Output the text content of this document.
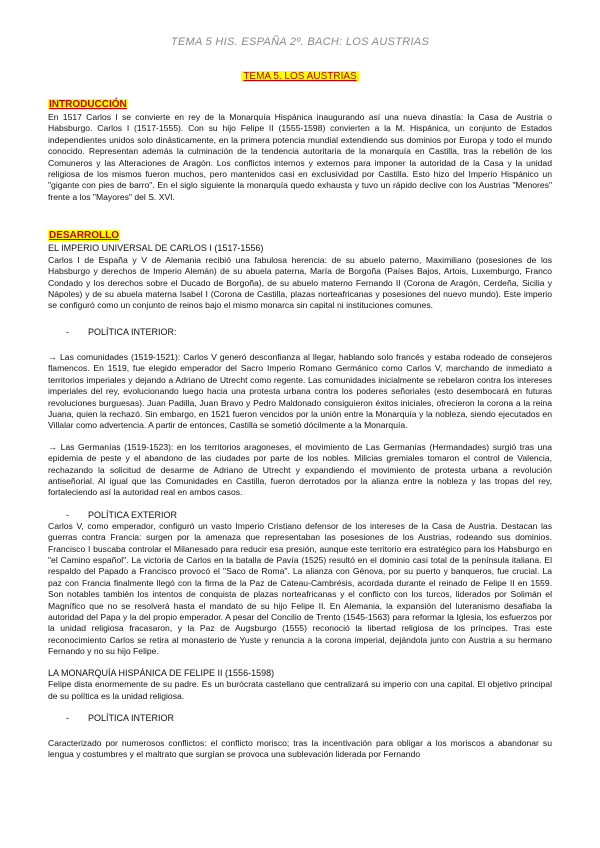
TEMA 5 HIS. ESPAÑA 2º. BACH: LOS AUSTRIAS
TEMA 5. LOS AUSTRIAS
INTRODUCCIÓN

En 1517 Carlos I se convierte en rey de la Monarquía Hispánica inaugurando así una nueva dinastía: la Casa de Austria o Habsburgo. Carlos I (1517-1555). Con su hijo Felipe II (1555-1598) convierten a la M. Hispánica, un conjunto de Estados independientes unidos solo dinásticamente, en la primera potencia mundial extendiendo sus dominios por Europa y todo el mundo conocido. Representan además la culminación de la tendencia autoritaria de la monarquía en Castilla, tras la rebelión de los Comuneros y las Alteraciones de Aragón. Los conflictos internos y externos para imponer la autoridad de la Casa y la unidad religiosa de los mismos fueron muchos, pero mantenidos casi en exclusividad por Castilla. Esto hizo del Imperio Hispánico un "gigante con pies de barro". En el siglo siguiente la monarquía quedo exhausta y tuvo un rápido declive con los Austrias "Menores" frente a los "Mayores" del S. XVI.

DESARROLLO
EL IMPERIO UNIVERSAL DE CARLOS I (1517-1556)

Carlos I de España y V de Alemania recibió una fabulosa herencia: de su abuelo paterno, Maximiliano (posesiones de los Habsburgo y derechos de Imperio Alemán) de su abuela paterna, María de Borgoña (Países Bajos, Artois, Luxemburgo, Franco Condado y los derechos sobre el Ducado de Borgoña), de su abuelo materno Fernando II (Corona de Aragón, Cerdeña, Sicilia y Nápoles) y de su abuela materna Isabel I (Corona de Castilla, plazas norteafricanas y posesiones del nuevo mundo). Este imperio se configuró como un conjunto de reinos bajo el mismo monarca sin capital ni instituciones comunes.

-	POLÍTICA INTERIOR:

→ Las comunidades (1519-1521): Carlos V generó desconfianza al llegar, hablando solo francés y estaba rodeado de consejeros flamencos. En 1519, fue elegido emperador del Sacro Imperio Romano Germánico como Carlos V, marchando de inmediato a territorios imperiales y dejando a Adriano de Utrecht como regente. Las comunidades inicialmente se rebelaron contra los intereses imperiales del rey, evolucionando luego hacia una protesta urbana contra los poderes señoriales (esto desembocará en futuras revoluciones burguesas). Juan Padilla, Juan Bravo y Pedro Maldonado consiguieron éxitos iniciales, ofrecieron la corona a la reina Juana, quien la rechazó. Sin embargo, en 1521 fueron vencidos por la unión entre la Monarquía y la nobleza, siendo ejecutados en Villalar como advertencia. A partir de entonces, Castilla se sometió dócilmente a la Monarquía.

→ Las Germanías (1519-1523): en los territorios aragoneses, el movimiento de Las Germanías (Hermandades) surgió tras una epidemia de peste y el abandono de las ciudades por parte de los nobles. Milicias gremiales tomaron el control de Valencia, rechazando la solicitud de desarme de Adriano de Utrecht y expandiendo el movimiento de protesta urbana a revolución antiseñorial. Al igual que las Comunidades en Castilla, fueron derrotados por la alianza entre la nobleza y las tropas del rey, fortaleciendo así la autoridad real en ambos casos.

-	POLÍTICA EXTERIOR

Carlos V, como emperador, configuró un vasto Imperio Cristiano defensor de los intereses de la Casa de Austria. Destacan las guerras contra Francia: surgen por la amenaza que representaban las posesiones de los Austrias, rodeando sus dominios. Francisco I buscaba controlar el Milanesado para reducir esa presión, aunque este territorio era estratégico para los Habsburgo en "el Camino español". La victoria de Carlos en la batalla de Pavía (1525) resultó en el dominio casi total de la península italiana. El respaldo del Papado a Francisco provocó el "Saco de Roma". La alianza con Génova, por su puerto y banqueros, fue crucial. La paz con Francia finalmente llegó con la firma de la Paz de Cateau-Cambrésis, acordada durante el reinado de Felipe II en 1559. Son notables también los intentos de conquista de plazas norteafricanas y el conflicto con los turcos, liderados por Solimán el Magnífico que no se resolverá hasta el mandato de su hijo Felipe II. En Alemania, la expansión del luteranismo desafiaba la autoridad del Papa y la del propio emperador. A pesar del Concilio de Trento (1545-1563) para reformar la Iglesia, los esfuerzos por la unidad religiosa fracasaron, y la Paz de Augsburgo (1555) reconoció la libertad religiosa de los príncipes. Tras este reconocimiento Carlos se retira al monasterio de Yuste y renuncia a la corona imperial, dejándola junto con Austria a su hermano Fernando y no su hijo Felipe.

LA MONARQUÍA HISPÁNICA DE FELIPE II (1556-1598)

Felipe dista enormemente de su padre. Es un burócrata castellano que centralizará su imperio con una capital. El objetivo principal de su política es la unidad religiosa.

-	POLÍTICA INTERIOR

Caracterizado por numerosos conflictos: el conflicto morisco; tras la incentivación para obligar a los moriscos a abandonar su lengua y costumbres y el maltrato que surgían se provoca una sublevación liderada por Fernando
